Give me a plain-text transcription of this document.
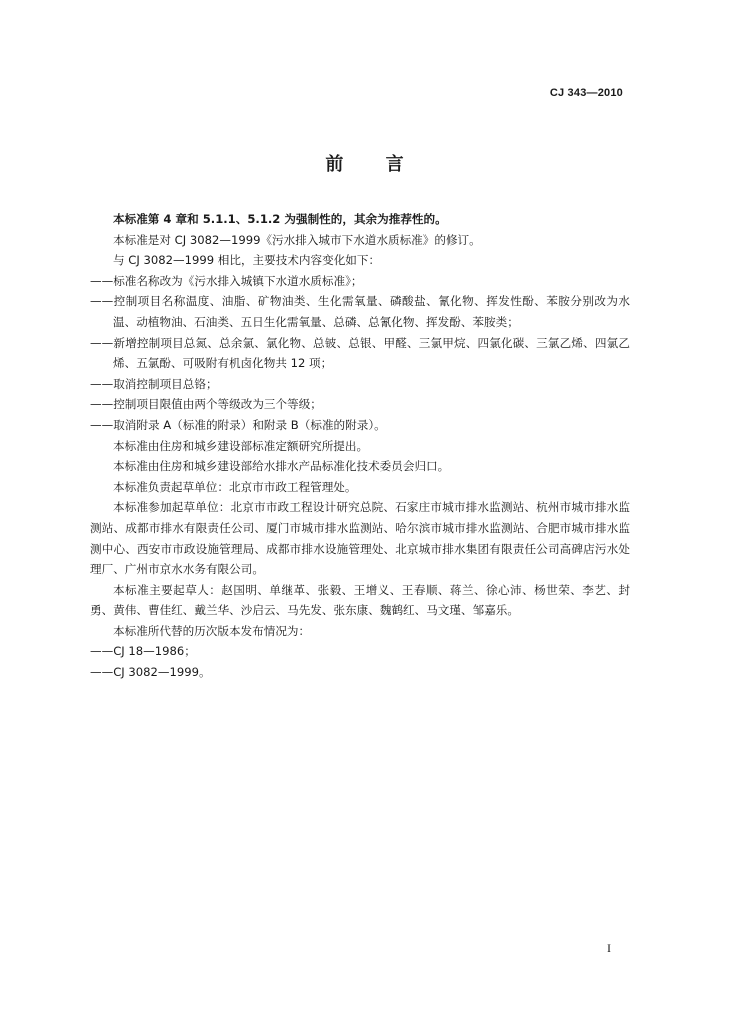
CJ 343—2010
前 言

本标准第 4 章和 5.1.1、5.1.2 为强制性的，其余为推荐性的。

本标准是对 CJ 3082—1999《污水排入城市下水道水质标准》的修订。

与 CJ 3082—1999 相比，主要技术内容变化如下：

——标准名称改为《污水排入城镇下水道水质标准》；

——控制项目名称温度、油脂、矿物油类、生化需氧量、磷酸盐、氰化物、挥发性酚、苯胺分别改为水温、动植物油、石油类、五日生化需氧量、总磷、总氰化物、挥发酚、苯胺类；

——新增控制项目总氮、总余氯、氯化物、总铍、总银、甲醛、三氯甲烷、四氯化碳、三氯乙烯、四氯乙烯、五氯酚、可吸附有机卤化物共 12 项；

——取消控制项目总铬；

——控制项目限值由两个等级改为三个等级；

——取消附录 A（标准的附录）和附录 B（标准的附录）。

本标准由住房和城乡建设部标准定额研究所提出。

本标准由住房和城乡建设部给水排水产品标准化技术委员会归口。

本标准负责起草单位：北京市市政工程管理处。

本标准参加起草单位：北京市市政工程设计研究总院、石家庄市城市排水监测站、杭州市城市排水监测站、成都市排水有限责任公司、厦门市城市排水监测站、哈尔滨市城市排水监测站、合肥市城市排水监测中心、西安市市政设施管理局、成都市排水设施管理处、北京城市排水集团有限责任公司高碑店污水处理厂、广州市京水水务有限公司。

本标准主要起草人：赵国明、单继革、张毅、王增义、王春顺、蒋兰、徐心沛、杨世荣、李艺、封勇、黄伟、曹佳红、戴兰华、沙启云、马先发、张东康、魏鹤红、马文瑾、邹嘉乐。

本标准所代替的历次版本发布情况为：

——CJ 18—1986；

——CJ 3082—1999。

I
